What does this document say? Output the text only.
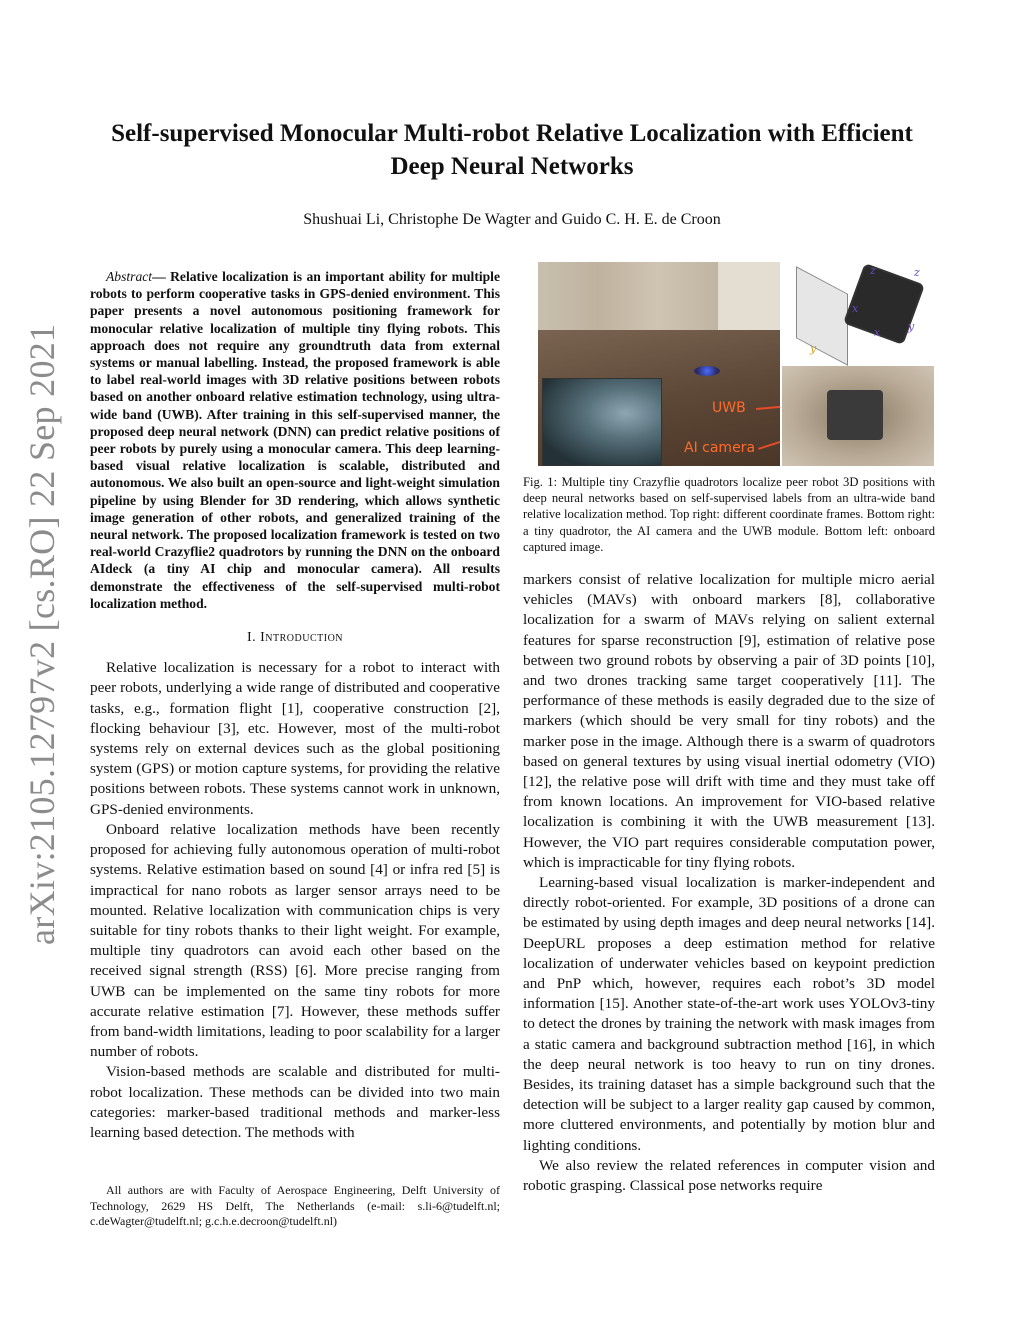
arXiv:2105.12797v2 [cs.RO] 22 Sep 2021
Self-supervised Monocular Multi-robot Relative Localization with Efficient Deep Neural Networks
Shushuai Li, Christophe De Wagter and Guido C. H. E. de Croon

Abstract— Relative localization is an important ability for multiple robots to perform cooperative tasks in GPS-denied environment. This paper presents a novel autonomous positioning framework for monocular relative localization of multiple tiny flying robots. This approach does not require any groundtruth data from external systems or manual labelling. Instead, the proposed framework is able to label real-world images with 3D relative positions between robots based on another onboard relative estimation technology, using ultra-wide band (UWB). After training in this self-supervised manner, the proposed deep neural network (DNN) can predict relative positions of peer robots by purely using a monocular camera. This deep learning-based visual relative localization is scalable, distributed and autonomous. We also built an open-source and light-weight simulation pipeline by using Blender for 3D rendering, which allows synthetic image generation of other robots, and generalized training of the neural network. The proposed localization framework is tested on two real-world Crazyflie2 quadrotors by running the DNN on the onboard AIdeck (a tiny AI chip and monocular camera). All results demonstrate the effectiveness of the self-supervised multi-robot localization method.

I. Introduction

Relative localization is necessary for a robot to interact with peer robots, underlying a wide range of distributed and cooperative tasks, e.g., formation flight [1], cooperative construction [2], flocking behaviour [3], etc. However, most of the multi-robot systems rely on external devices such as the global positioning system (GPS) or motion capture systems, for providing the relative positions between robots. These systems cannot work in unknown, GPS-denied environments.

Onboard relative localization methods have been recently proposed for achieving fully autonomous operation of multi-robot systems. Relative estimation based on sound [4] or infra red [5] is impractical for nano robots as larger sensor arrays need to be mounted. Relative localization with communication chips is very suitable for tiny robots thanks to their light weight. For example, multiple tiny quadrotors can avoid each other based on the received signal strength (RSS) [6]. More precise ranging from UWB can be implemented on the same tiny robots for more accurate relative estimation [7]. However, these methods suffer from band-width limitations, leading to poor scalability for a larger number of robots.

Vision-based methods are scalable and distributed for multi-robot localization. These methods can be divided into two main categories: marker-based traditional methods and marker-less learning based detection. The methods with

All authors are with Faculty of Aerospace Engineering, Delft University of Technology, 2629 HS Delft, The Netherlands (e-mail: s.li-6@tudelft.nl; c.deWagter@tudelft.nl; g.c.h.e.decroon@tudelft.nl)
UWB
AI camera
z
x
y
x	y
z
Fig. 1: Multiple tiny Crazyflie quadrotors localize peer robot 3D positions with deep neural networks based on self-supervised labels from an ultra-wide band relative localization method. Top right: different coordinate frames. Bottom right: a tiny quadrotor, the AI camera and the UWB module. Bottom left: onboard captured image.

markers consist of relative localization for multiple micro aerial vehicles (MAVs) with onboard markers [8], collaborative localization for a swarm of MAVs relying on salient external features for sparse reconstruction [9], estimation of relative pose between two ground robots by observing a pair of 3D points [10], and two drones tracking same target cooperatively [11]. The performance of these methods is easily degraded due to the size of markers (which should be very small for tiny robots) and the marker pose in the image. Although there is a swarm of quadrotors based on general textures by using visual inertial odometry (VIO) [12], the relative pose will drift with time and they must take off from known locations. An improvement for VIO-based relative localization is combining it with the UWB measurement [13]. However, the VIO part requires considerable computation power, which is impracticable for tiny flying robots.

Learning-based visual localization is marker-independent and directly robot-oriented. For example, 3D positions of a drone can be estimated by using depth images and deep neural networks [14]. DeepURL proposes a deep estimation method for relative localization of underwater vehicles based on keypoint prediction and PnP which, however, requires each robot’s 3D model information [15]. Another state-of-the-art work uses YOLOv3-tiny to detect the drones by training the network with mask images from a static camera and background subtraction method [16], in which the deep neural network is too heavy to run on tiny drones. Besides, its training dataset has a simple background such that the detection will be subject to a larger reality gap caused by common, more cluttered environments, and potentially by motion blur and lighting conditions.

We also review the related references in computer vision and robotic grasping. Classical pose networks require
